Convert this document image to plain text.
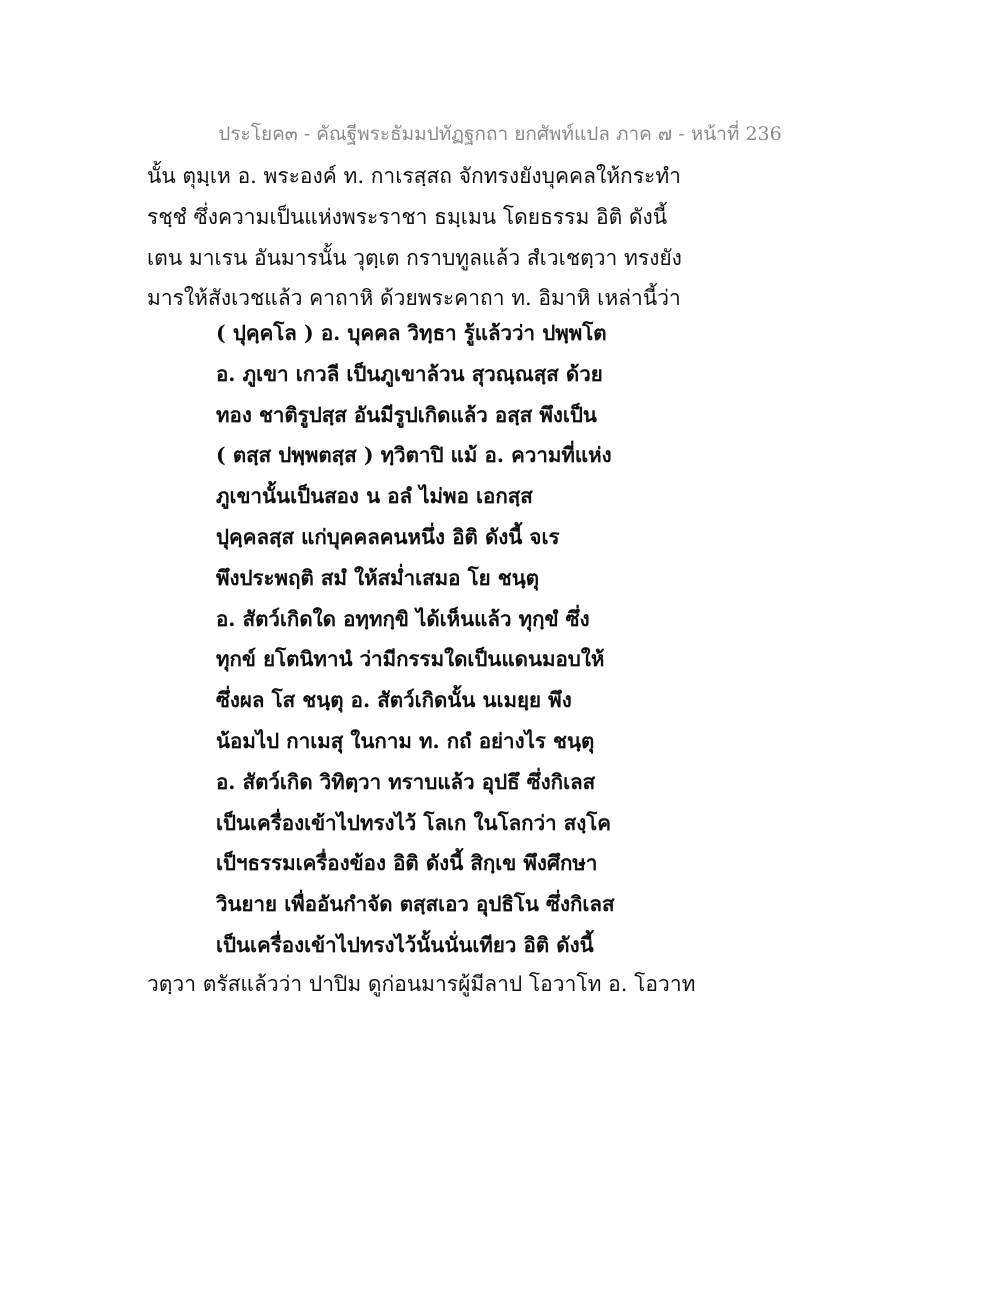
ประโยค๓ - คัณฐีพระธัมมปทัฏฐกถา ยกศัพท์แปล ภาค ๗ - หน้าที่ 236
นั้น ตุมฺเห อ. พระองค์ ท. กาเรสฺสถ จักทรงยังบุคคลให้กระทำ
รชฺชํ ซึ่งความเป็นแห่งพระราชา ธมฺเมน โดยธรรม อิติ ดังนี้
เตน มาเรน อันมารนั้น วุตฺเต กราบทูลแล้ว สํเวเชตฺวา ทรงยัง
มารให้สังเวชแล้ว คาถาหิ ด้วยพระคาถา ท. อิมาหิ เหล่านี้ว่า
( ปุคฺคโล ) อ. บุคคล วิทฺธา รู้แล้วว่า ปพฺพโต
อ. ภูเขา เกวลี เป็นภูเขาล้วน สุวณฺณสฺส ด้วย
ทอง ชาติรูปสฺส อันมีรูปเกิดแล้ว อสฺส พึงเป็น
( ตสฺส ปพฺพตสฺส ) ทฺวิตาปิ แม้ อ. ความที่แห่ง
ภูเขานั้นเป็นสอง น อลํ ไม่พอ เอกสฺส
ปุคฺคลสฺส แก่บุคคลคนหนึ่ง อิติ ดังนี้ จเร
พึงประพฤติ สมํ ให้สม่ำเสมอ โย ชนฺตุ
อ. สัตว์เกิดใด อทฺทกฺขิ ได้เห็นแล้ว ทุกฺขํ ซึ่ง
ทุกข์ ยโตนิทานํ ว่ามีกรรมใดเป็นแดนมอบให้
ซึ่งผล โส ชนฺตุ อ. สัตว์เกิดนั้น นเมยฺย พึง
น้อมไป กาเมสุ ในกาม ท. กถํ อย่างไร ชนฺตุ
อ. สัตว์เกิด วิทิตฺวา ทราบแล้ว อุปธึ ซึ่งกิเลส
เป็นเครื่องเข้าไปทรงไว้ โลเก ในโลกว่า สงฺโค
เป็ฯธรรมเครื่องข้อง อิติ ดังนี้ สิกฺเข พึงศึกษา
วินยาย เพื่ออันกำจัด ตสฺสเอว อุปธิโน ซึ่งกิเลส
เป็นเครื่องเข้าไปทรงไว้นั้นนั่นเทียว อิติ ดังนี้
วตฺวา ตรัสแล้วว่า ปาปิม ดูก่อนมารผู้มีลาป โอวาโท อ. โอวาท
